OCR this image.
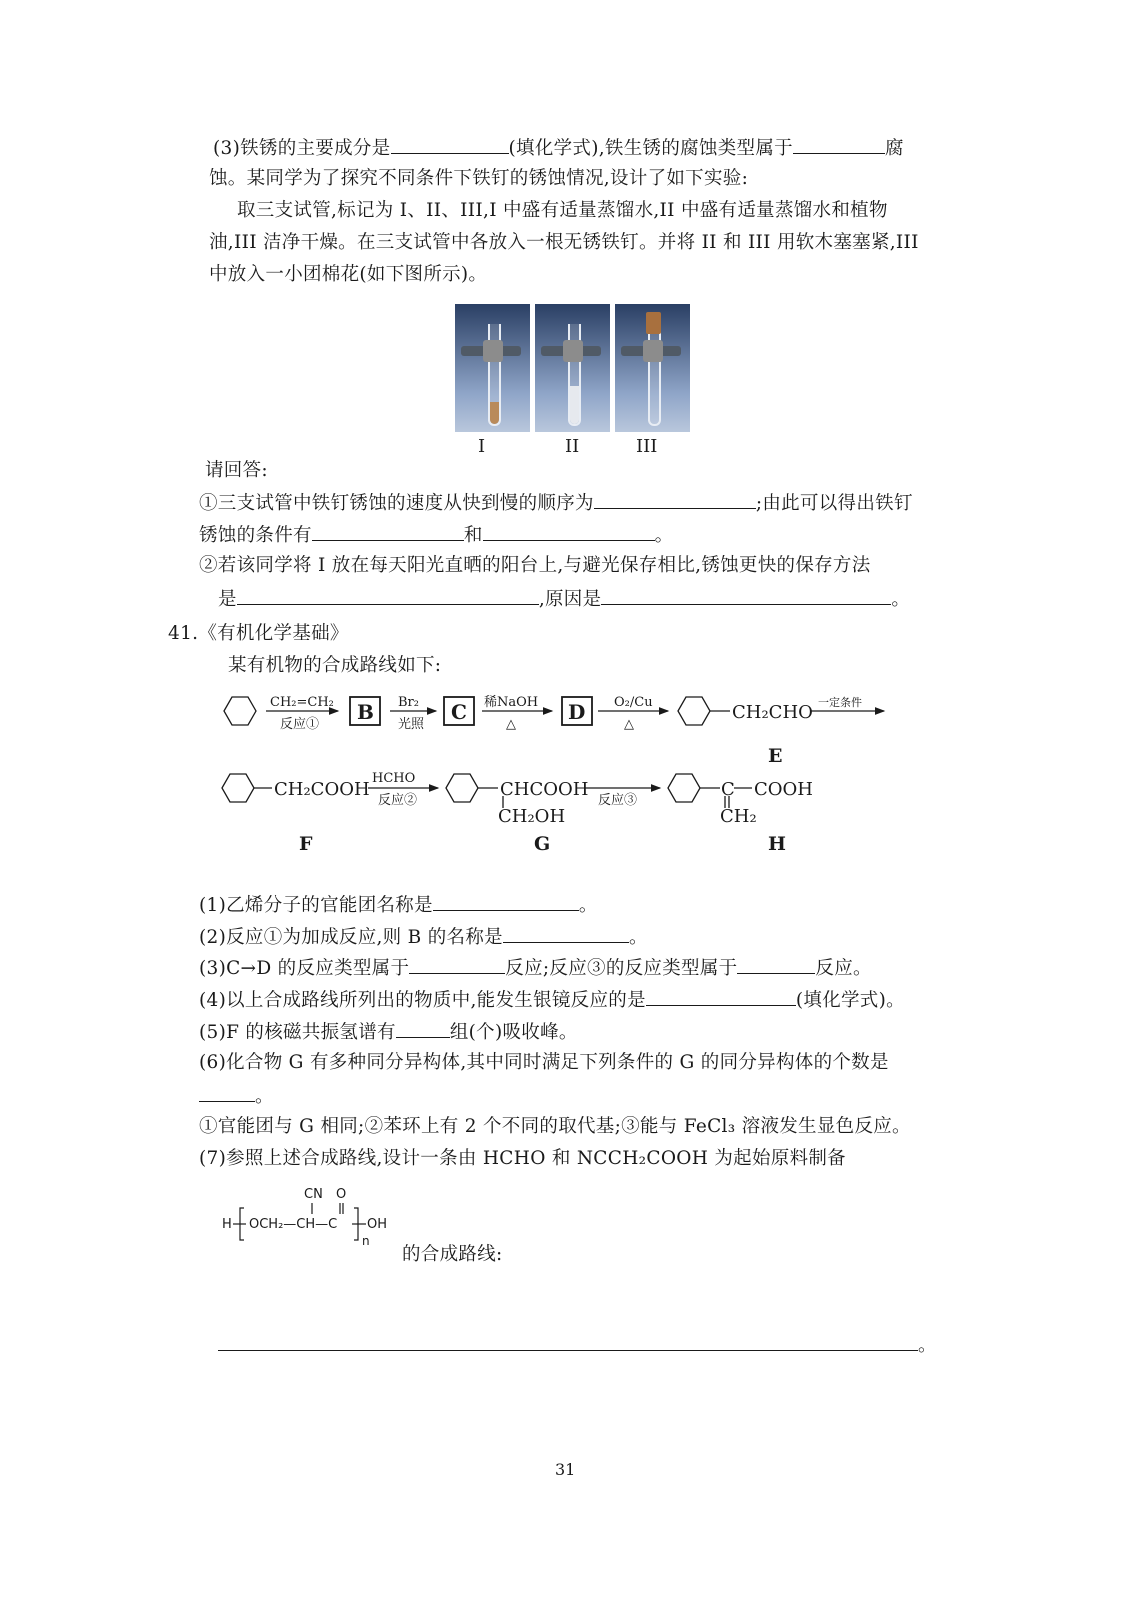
(3)铁锈的主要成分是	(填化学式),铁生锈的腐蚀类型属于	腐
蚀。某同学为了探究不同条件下铁钉的锈蚀情况,设计了如下实验:
取三支试管,标记为 I、II、III,I 中盛有适量蒸馏水,II 中盛有适量蒸馏水和植物
油,III 洁净干燥。在三支试管中各放入一根无锈铁钉。并将 II 和 III 用软木塞塞紧,III
中放入一小团棉花(如下图所示)。
I	II	III
请回答:
①三支试管中铁钉锈蚀的速度从快到慢的顺序为	;由此可以得出铁钉
锈蚀的条件有	和	。
②若该同学将 I 放在每天阳光直晒的阳台上,与避光保存相比,锈蚀更快的保存方法
是	,原因是	。
41.《有机化学基础》
某有机物的合成路线如下:
CH₂=CH₂
反应①
B Br₂
光照
C 稀NaOH
△
D O₂/Cu
△
CH₂CHO 一定条件
E
CH₂COOH
HCHO
反应②
CHCOOH
CH₂OH
反应③
C COOH
CH₂
F	G	H
CN O
H OCH₂—CH—C OH
n
(1)乙烯分子的官能团名称是	。
(2)反应①为加成反应,则 B 的名称是	。
(3)C→D 的反应类型属于	反应;反应③的反应类型属于	反应。
(4)以上合成路线所列出的物质中,能发生银镜反应的是	(填化学式)。
(5)F 的核磁共振氢谱有	组(个)吸收峰。
(6)化合物 G 有多种同分异构体,其中同时满足下列条件的 G 的同分异构体的个数是
。
①官能团与 G 相同;②苯环上有 2 个不同的取代基;③能与 FeCl₃ 溶液发生显色反应。
(7)参照上述合成路线,设计一条由 HCHO 和 NCCH₂COOH 为起始原料制备
的合成路线:
。
31
